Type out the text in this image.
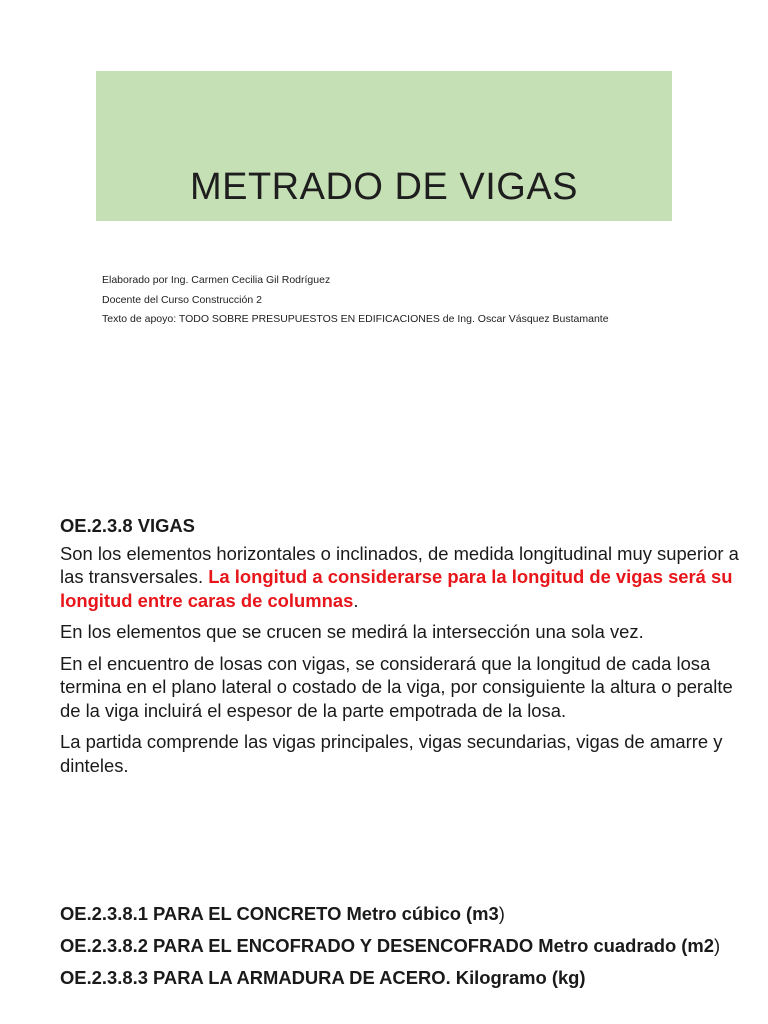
METRADO DE VIGAS
Elaborado por Ing. Carmen Cecilia Gil Rodríguez
Docente del Curso Construcción 2
Texto de apoyo: TODO SOBRE PRESUPUESTOS EN EDIFICACIONES de Ing. Oscar Vásquez Bustamante
OE.2.3.8 VIGAS

Son los elementos horizontales o inclinados, de medida longitudinal muy superior a las transversales. La longitud a considerarse para la longitud de vigas será su longitud entre caras de columnas.

En los elementos que se crucen se medirá la intersección una sola vez.

En el encuentro de losas con vigas, se considerará que la longitud de cada losa termina en el plano lateral o costado de la viga, por consiguiente la altura o peralte de la viga incluirá el espesor de la parte empotrada de la losa.

La partida comprende las vigas principales, vigas secundarias, vigas de amarre y dinteles.

OE.2.3.8.1 PARA EL CONCRETO Metro cúbico (m3)
OE.2.3.8.2 PARA EL ENCOFRADO Y DESENCOFRADO Metro cuadrado (m2)
OE.2.3.8.3 PARA LA ARMADURA DE ACERO. Kilogramo (kg)
